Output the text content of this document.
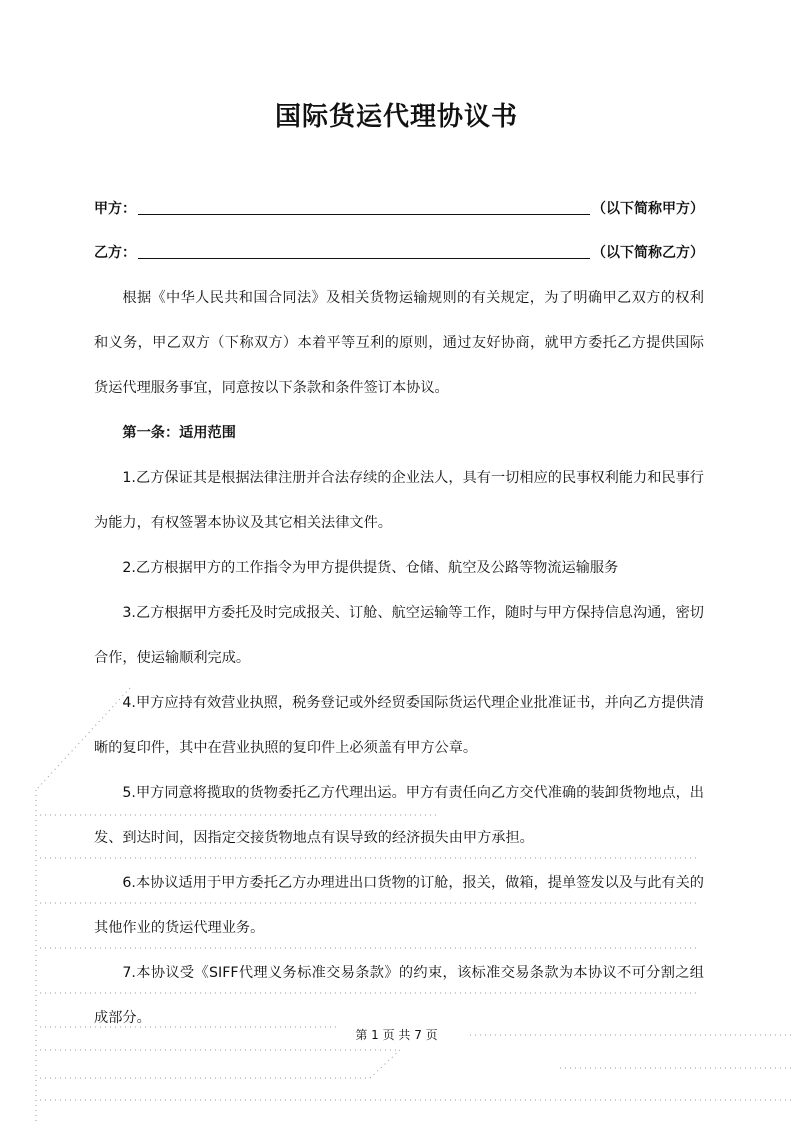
国际货运代理协议书
甲方：	（以下简称甲方）
乙方：	（以下简称乙方）

根据《中华人民共和国合同法》及相关货物运输规则的有关规定，为了明确甲乙双方的权利和义务，甲乙双方（下称双方）本着平等互利的原则，通过友好协商，就甲方委托乙方提供国际货运代理服务事宜，同意按以下条款和条件签订本协议。

第一条：适用范围

1.乙方保证其是根据法律注册并合法存续的企业法人，具有一切相应的民事权利能力和民事行为能力，有权签署本协议及其它相关法律文件。

2.乙方根据甲方的工作指令为甲方提供提货、仓储、航空及公路等物流运输服务

3.乙方根据甲方委托及时完成报关、订舱、航空运输等工作，随时与甲方保持信息沟通，密切合作，使运输顺利完成。

4.甲方应持有效营业执照，税务登记或外经贸委国际货运代理企业批准证书，并向乙方提供清晰的复印件，其中在营业执照的复印件上必须盖有甲方公章。

5.甲方同意将揽取的货物委托乙方代理出运。甲方有责任向乙方交代准确的装卸货物地点，出发、到达时间，因指定交接货物地点有误导致的经济损失由甲方承担。

6.本协议适用于甲方委托乙方办理进出口货物的订舱，报关，做箱，提单签发以及与此有关的其他作业的货运代理业务。

7.本协议受《SIFF代理义务标准交易条款》的约束，该标准交易条款为本协议不可分割之组成部分。

第 1 页 共 7 页
